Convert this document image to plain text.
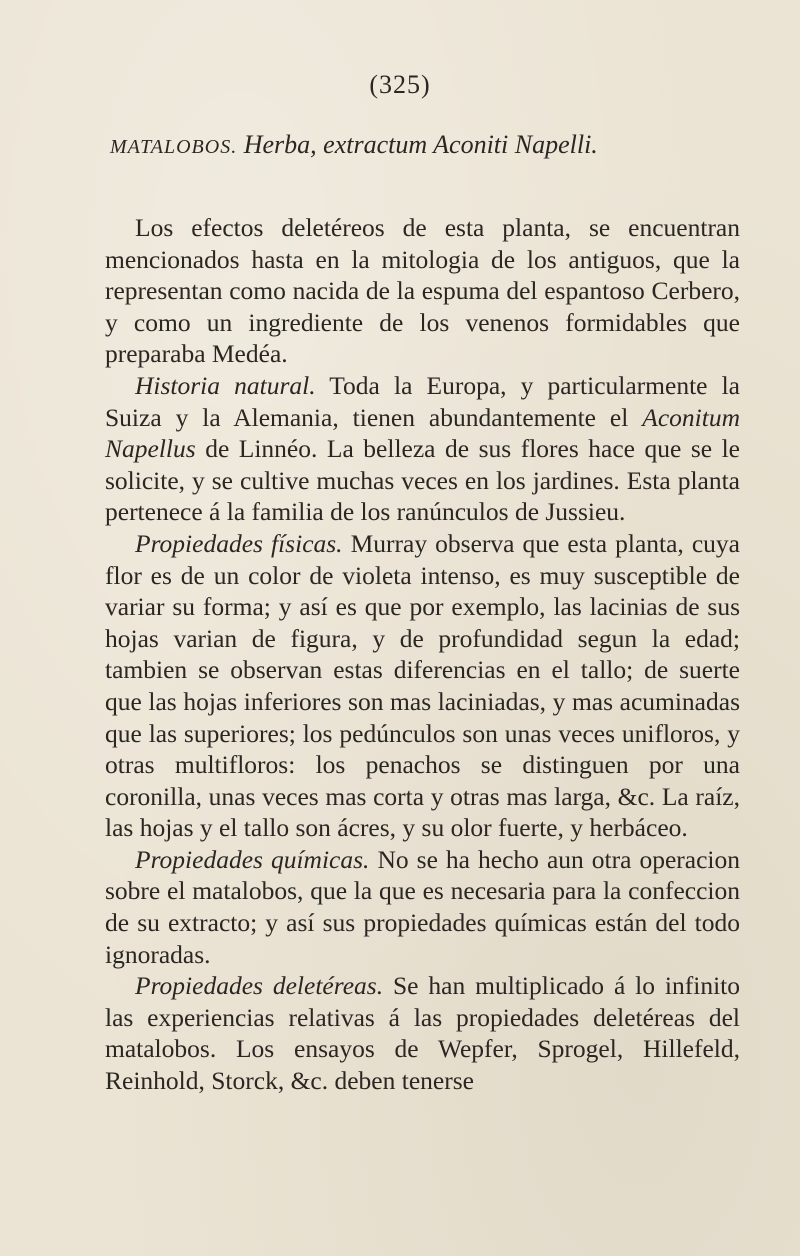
(325)
MATALOBOS. Herba, extractum Aconiti Napelli.

Los efectos deletéreos de esta planta, se encuentran mencionados hasta en la mitologia de los antiguos, que la representan como nacida de la espuma del espantoso Cerbero, y como un ingrediente de los venenos formidables que preparaba Medéa.

Historia natural. Toda la Europa, y particularmente la Suiza y la Alemania, tienen abundantemente el Aconitum Napellus de Linnéo. La belleza de sus flores hace que se le solicite, y se cultive muchas veces en los jardines. Esta planta pertenece á la familia de los ranúnculos de Jussieu.

Propiedades físicas. Murray observa que esta planta, cuya flor es de un color de violeta intenso, es muy susceptible de variar su forma; y así es que por exemplo, las lacinias de sus hojas varian de figura, y de profundidad segun la edad; tambien se observan estas diferencias en el tallo; de suerte que las hojas inferiores son mas laciniadas, y mas acuminadas que las superiores; los pedúnculos son unas veces unifloros, y otras multifloros: los penachos se distinguen por una coronilla, unas veces mas corta y otras mas larga, &c. La raíz, las hojas y el tallo son ácres, y su olor fuerte, y herbáceo.

Propiedades químicas. No se ha hecho aun otra operacion sobre el matalobos, que la que es necesaria para la confeccion de su extracto; y así sus propiedades químicas están del todo ignoradas.

Propiedades deletéreas. Se han multiplicado á lo infinito las experiencias relativas á las propiedades deletéreas del matalobos. Los ensayos de Wepfer, Sprogel, Hillefeld, Reinhold, Storck, &c. deben tenerse
